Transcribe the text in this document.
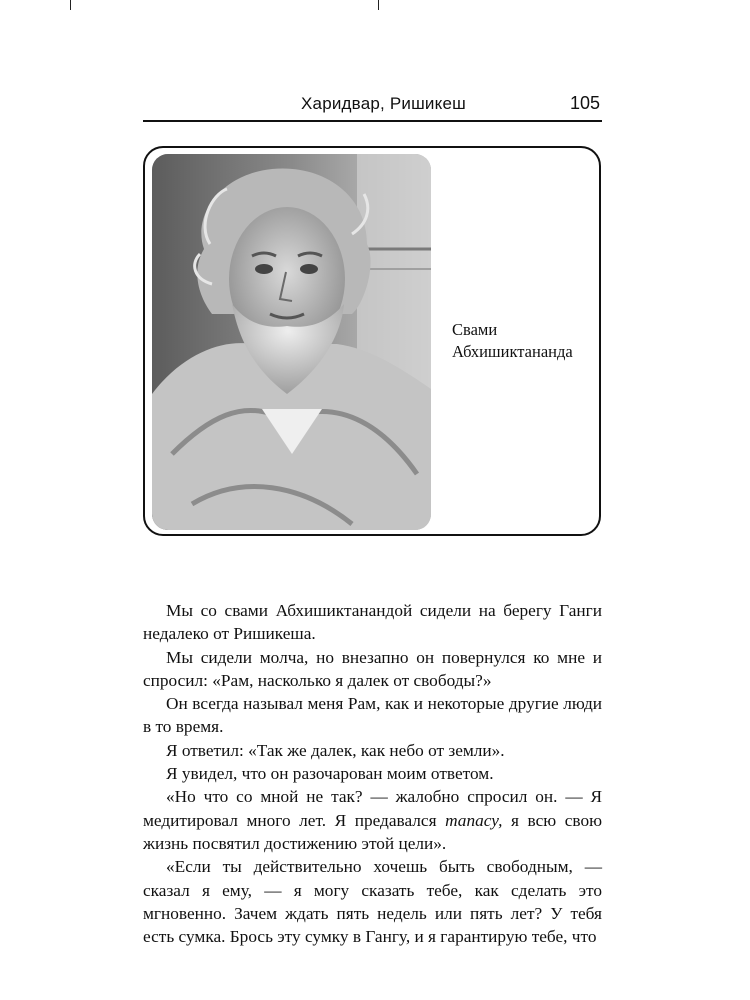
Харидвар, Ришикеш	105
Свами
Абхишиктананда

Мы со свами Абхишиктанандой сидели на берегу Ганги недалеко от Ришикеша.

Мы сидели молча, но внезапно он повернулся ко мне и спросил: «Рам, насколько я далек от свободы?»

Он всегда называл меня Рам, как и некоторые другие люди в то время.

Я ответил: «Так же далек, как небо от земли».

Я увидел, что он разочарован моим ответом.

«Но что со мной не так? — жалобно спросил он. — Я медитировал много лет. Я предавался тапасу, я всю свою жизнь посвятил достижению этой цели».

«Если ты действительно хочешь быть свободным, — сказал я ему, — я могу сказать тебе, как сделать это мгновенно. Зачем ждать пять недель или пять лет? У тебя есть сумка. Брось эту сумку в Гангу, и я гарантирую тебе, что
